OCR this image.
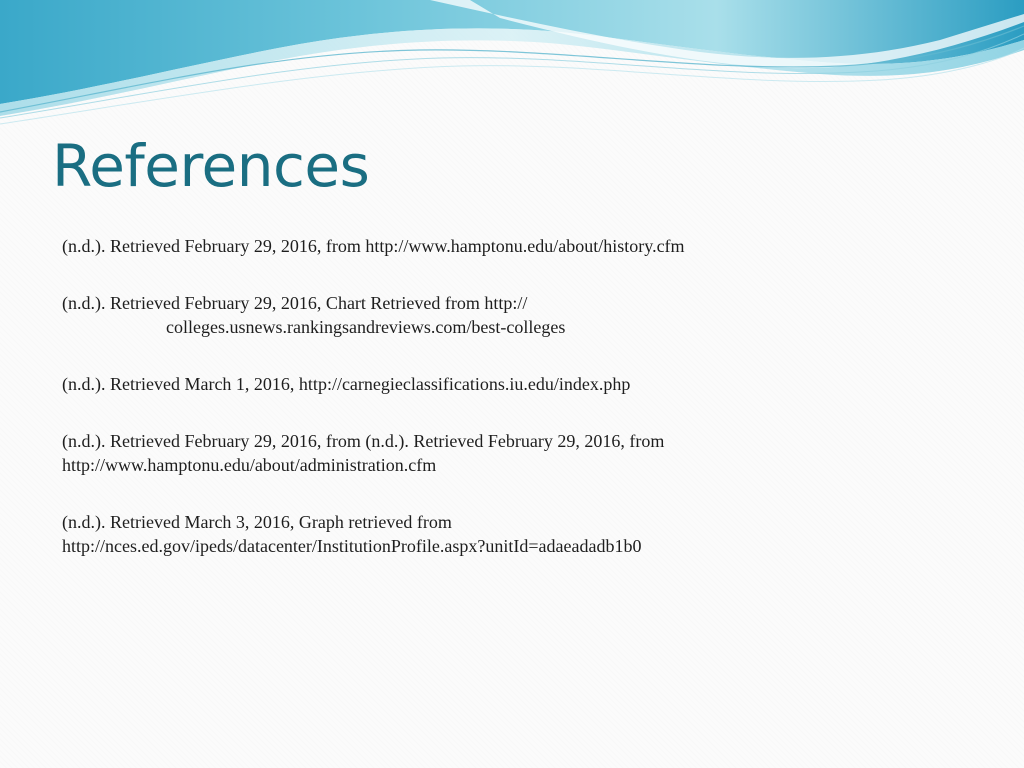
References

(n.d.). Retrieved February 29, 2016, from http://www.hamptonu.edu/about/history.cfm

(n.d.). Retrieved February 29, 2016, Chart Retrieved from http://
colleges.usnews.rankingsandreviews.com/best-colleges

(n.d.). Retrieved March 1, 2016, http://carnegieclassifications.iu.edu/index.php

(n.d.). Retrieved February 29, 2016, from (n.d.). Retrieved February 29, 2016, from
http://www.hamptonu.edu/about/administration.cfm

(n.d.). Retrieved March 3, 2016, Graph retrieved from
http://nces.ed.gov/ipeds/datacenter/InstitutionProfile.aspx?unitId=adaeadadb1b0
